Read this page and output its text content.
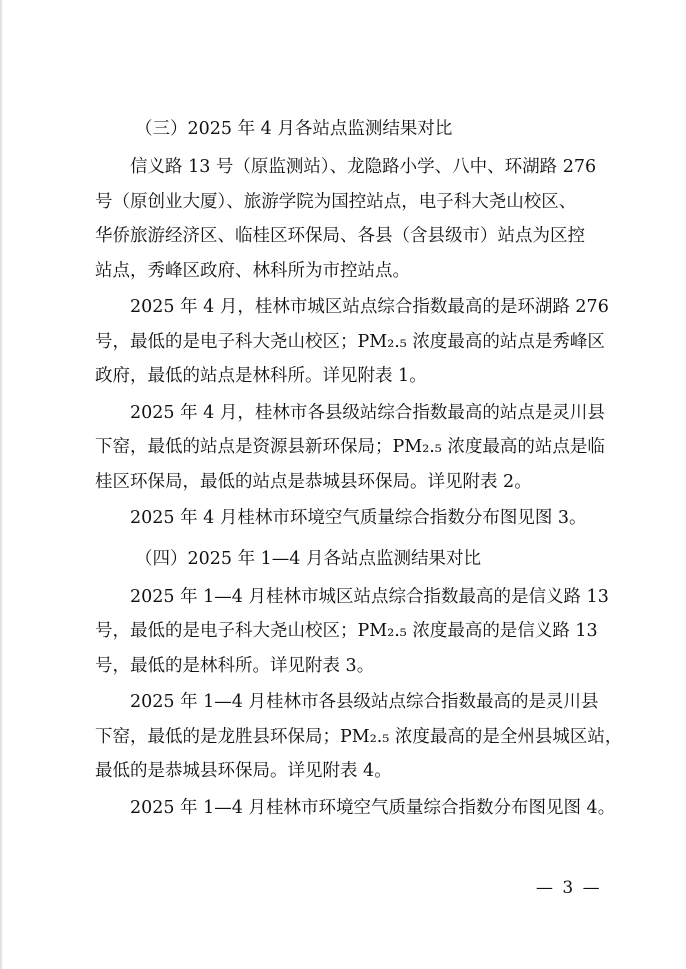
（三）2025 年 4 月各站点监测结果对比
信义路 13 号（原监测站）、龙隐路小学、八中、环湖路 276
号（原创业大厦）、旅游学院为国控站点，电子科大尧山校区、
华侨旅游经济区、临桂区环保局、各县（含县级市）站点为区控
站点，秀峰区政府、林科所为市控站点。
2025 年 4 月，桂林市城区站点综合指数最高的是环湖路 276
号，最低的是电子科大尧山校区；PM₂.₅ 浓度最高的站点是秀峰区
政府，最低的站点是林科所。详见附表 1。
2025 年 4 月，桂林市各县级站综合指数最高的站点是灵川县
下窑，最低的站点是资源县新环保局；PM₂.₅ 浓度最高的站点是临
桂区环保局，最低的站点是恭城县环保局。详见附表 2。
2025 年 4 月桂林市环境空气质量综合指数分布图见图 3。
（四）2025 年 1—4 月各站点监测结果对比
2025 年 1—4 月桂林市城区站点综合指数最高的是信义路 13
号，最低的是电子科大尧山校区；PM₂.₅ 浓度最高的是信义路 13
号，最低的是林科所。详见附表 3。
2025 年 1—4 月桂林市各县级站点综合指数最高的是灵川县
下窑，最低的是龙胜县环保局；PM₂.₅ 浓度最高的是全州县城区站，
最低的是恭城县环保局。详见附表 4。
2025 年 1—4 月桂林市环境空气质量综合指数分布图见图 4。
— 3 —
